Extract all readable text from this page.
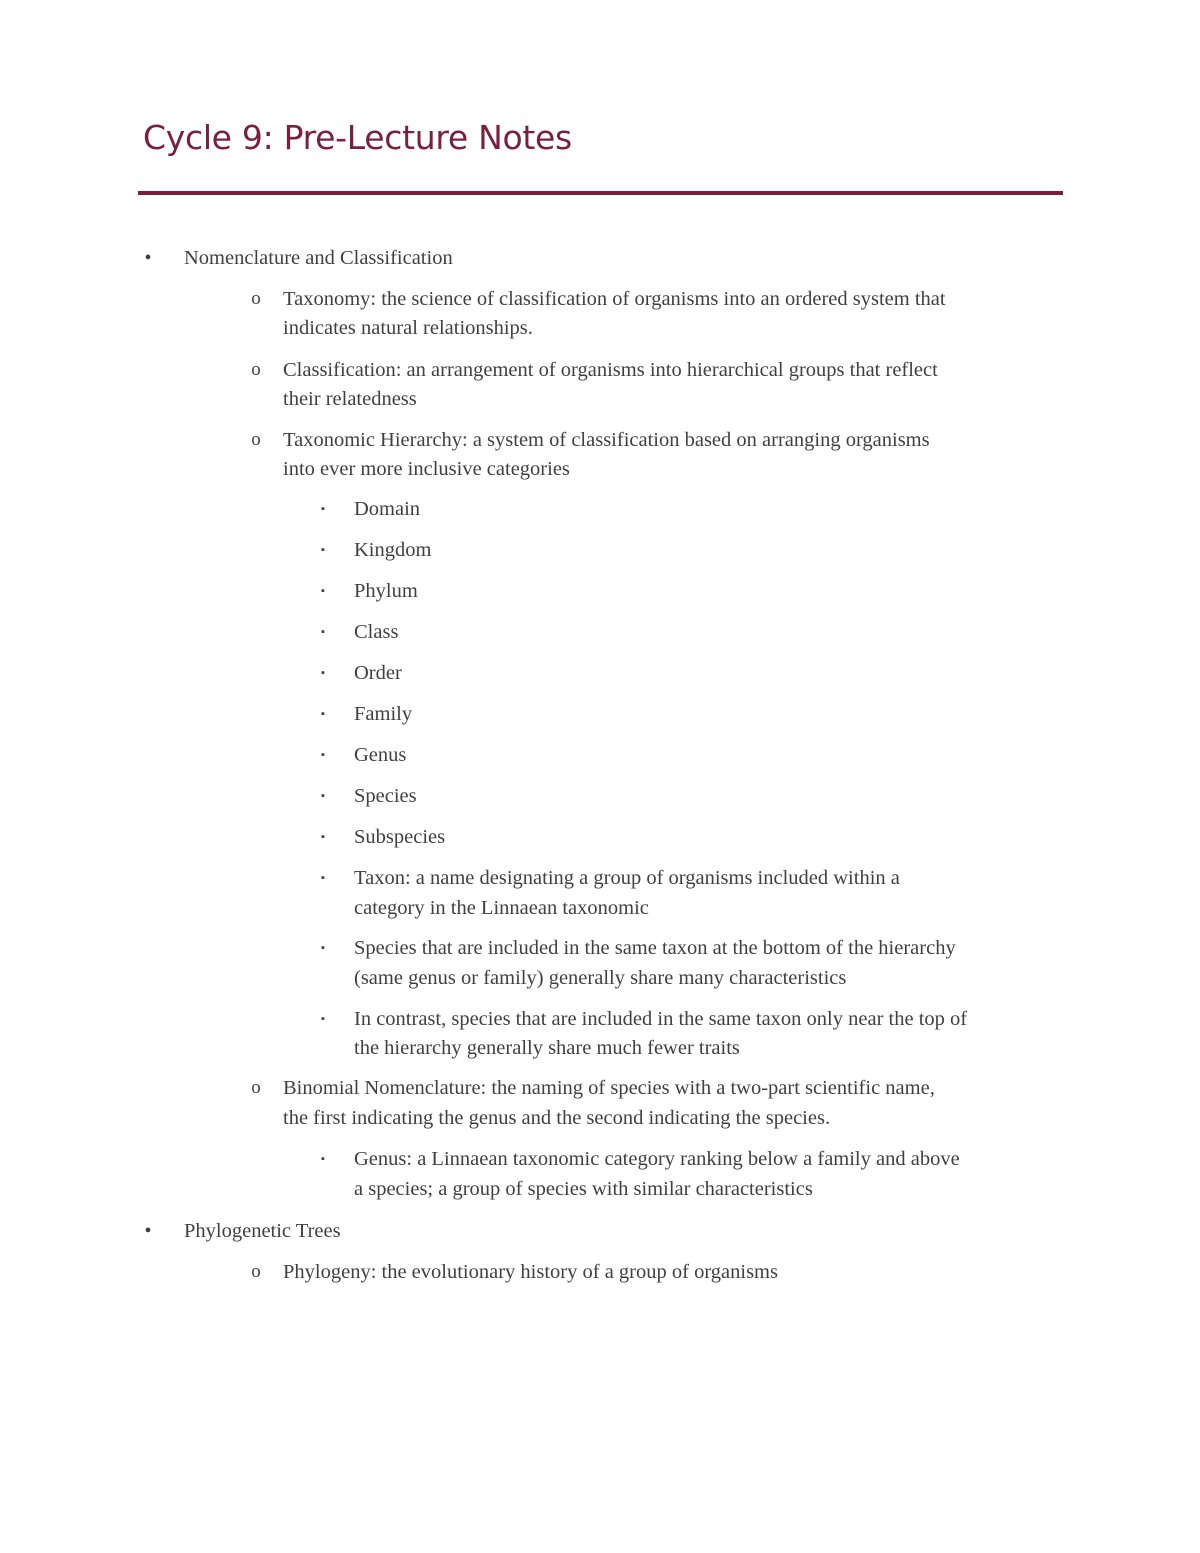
Cycle 9: Pre-Lecture Notes
•	Nomenclature and Classification
o Taxonomy: the science of classification of organisms into an ordered system that
indicates natural relationships.
o Classification: an arrangement of organisms into hierarchical groups that reflect
their relatedness
o Taxonomic Hierarchy: a system of classification based on arranging organisms
into ever more inclusive categories
▪ Domain
▪ Kingdom
▪ Phylum
▪ Class
▪ Order
▪ Family
▪ Genus
▪ Species
▪ Subspecies
▪ Taxon: a name designating a group of organisms included within a
category in the Linnaean taxonomic
▪ Species that are included in the same taxon at the bottom of the hierarchy
(same genus or family) generally share many characteristics
▪ In contrast, species that are included in the same taxon only near the top of
the hierarchy generally share much fewer traits
o Binomial Nomenclature: the naming of species with a two-part scientific name,
the first indicating the genus and the second indicating the species.
▪ Genus: a Linnaean taxonomic category ranking below a family and above
a species; a group of species with similar characteristics
•	Phylogenetic Trees
o Phylogeny: the evolutionary history of a group of organisms
